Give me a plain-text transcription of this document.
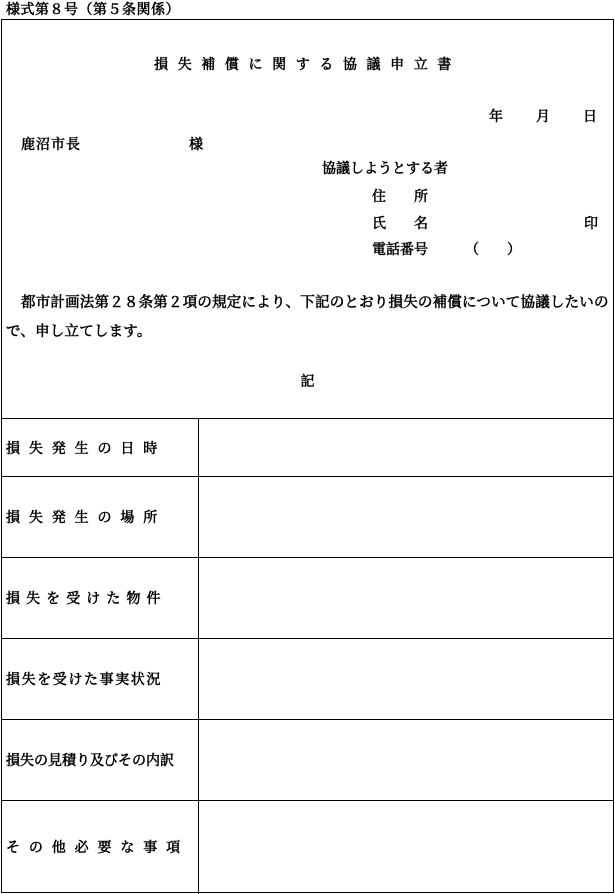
様式第８号（第５条関係）
損失補償に関する協議申立書
年 月 日
鹿沼市長	様
協議しようとする者
住　　所
氏　　名	印
電話番号	（　　）
都市計画法第２８条第２項の規定により、下記のとおり損失の補償について協議したいので、申し立てします。
記
損 失 発 生 の 日 時	
損 失 発 生 の 場 所	
損 失 を 受 け た 物 件	
損失を受けた事実状況	
損失の見積り及びその内訳	
そ の 他 必 要 な 事 項	
